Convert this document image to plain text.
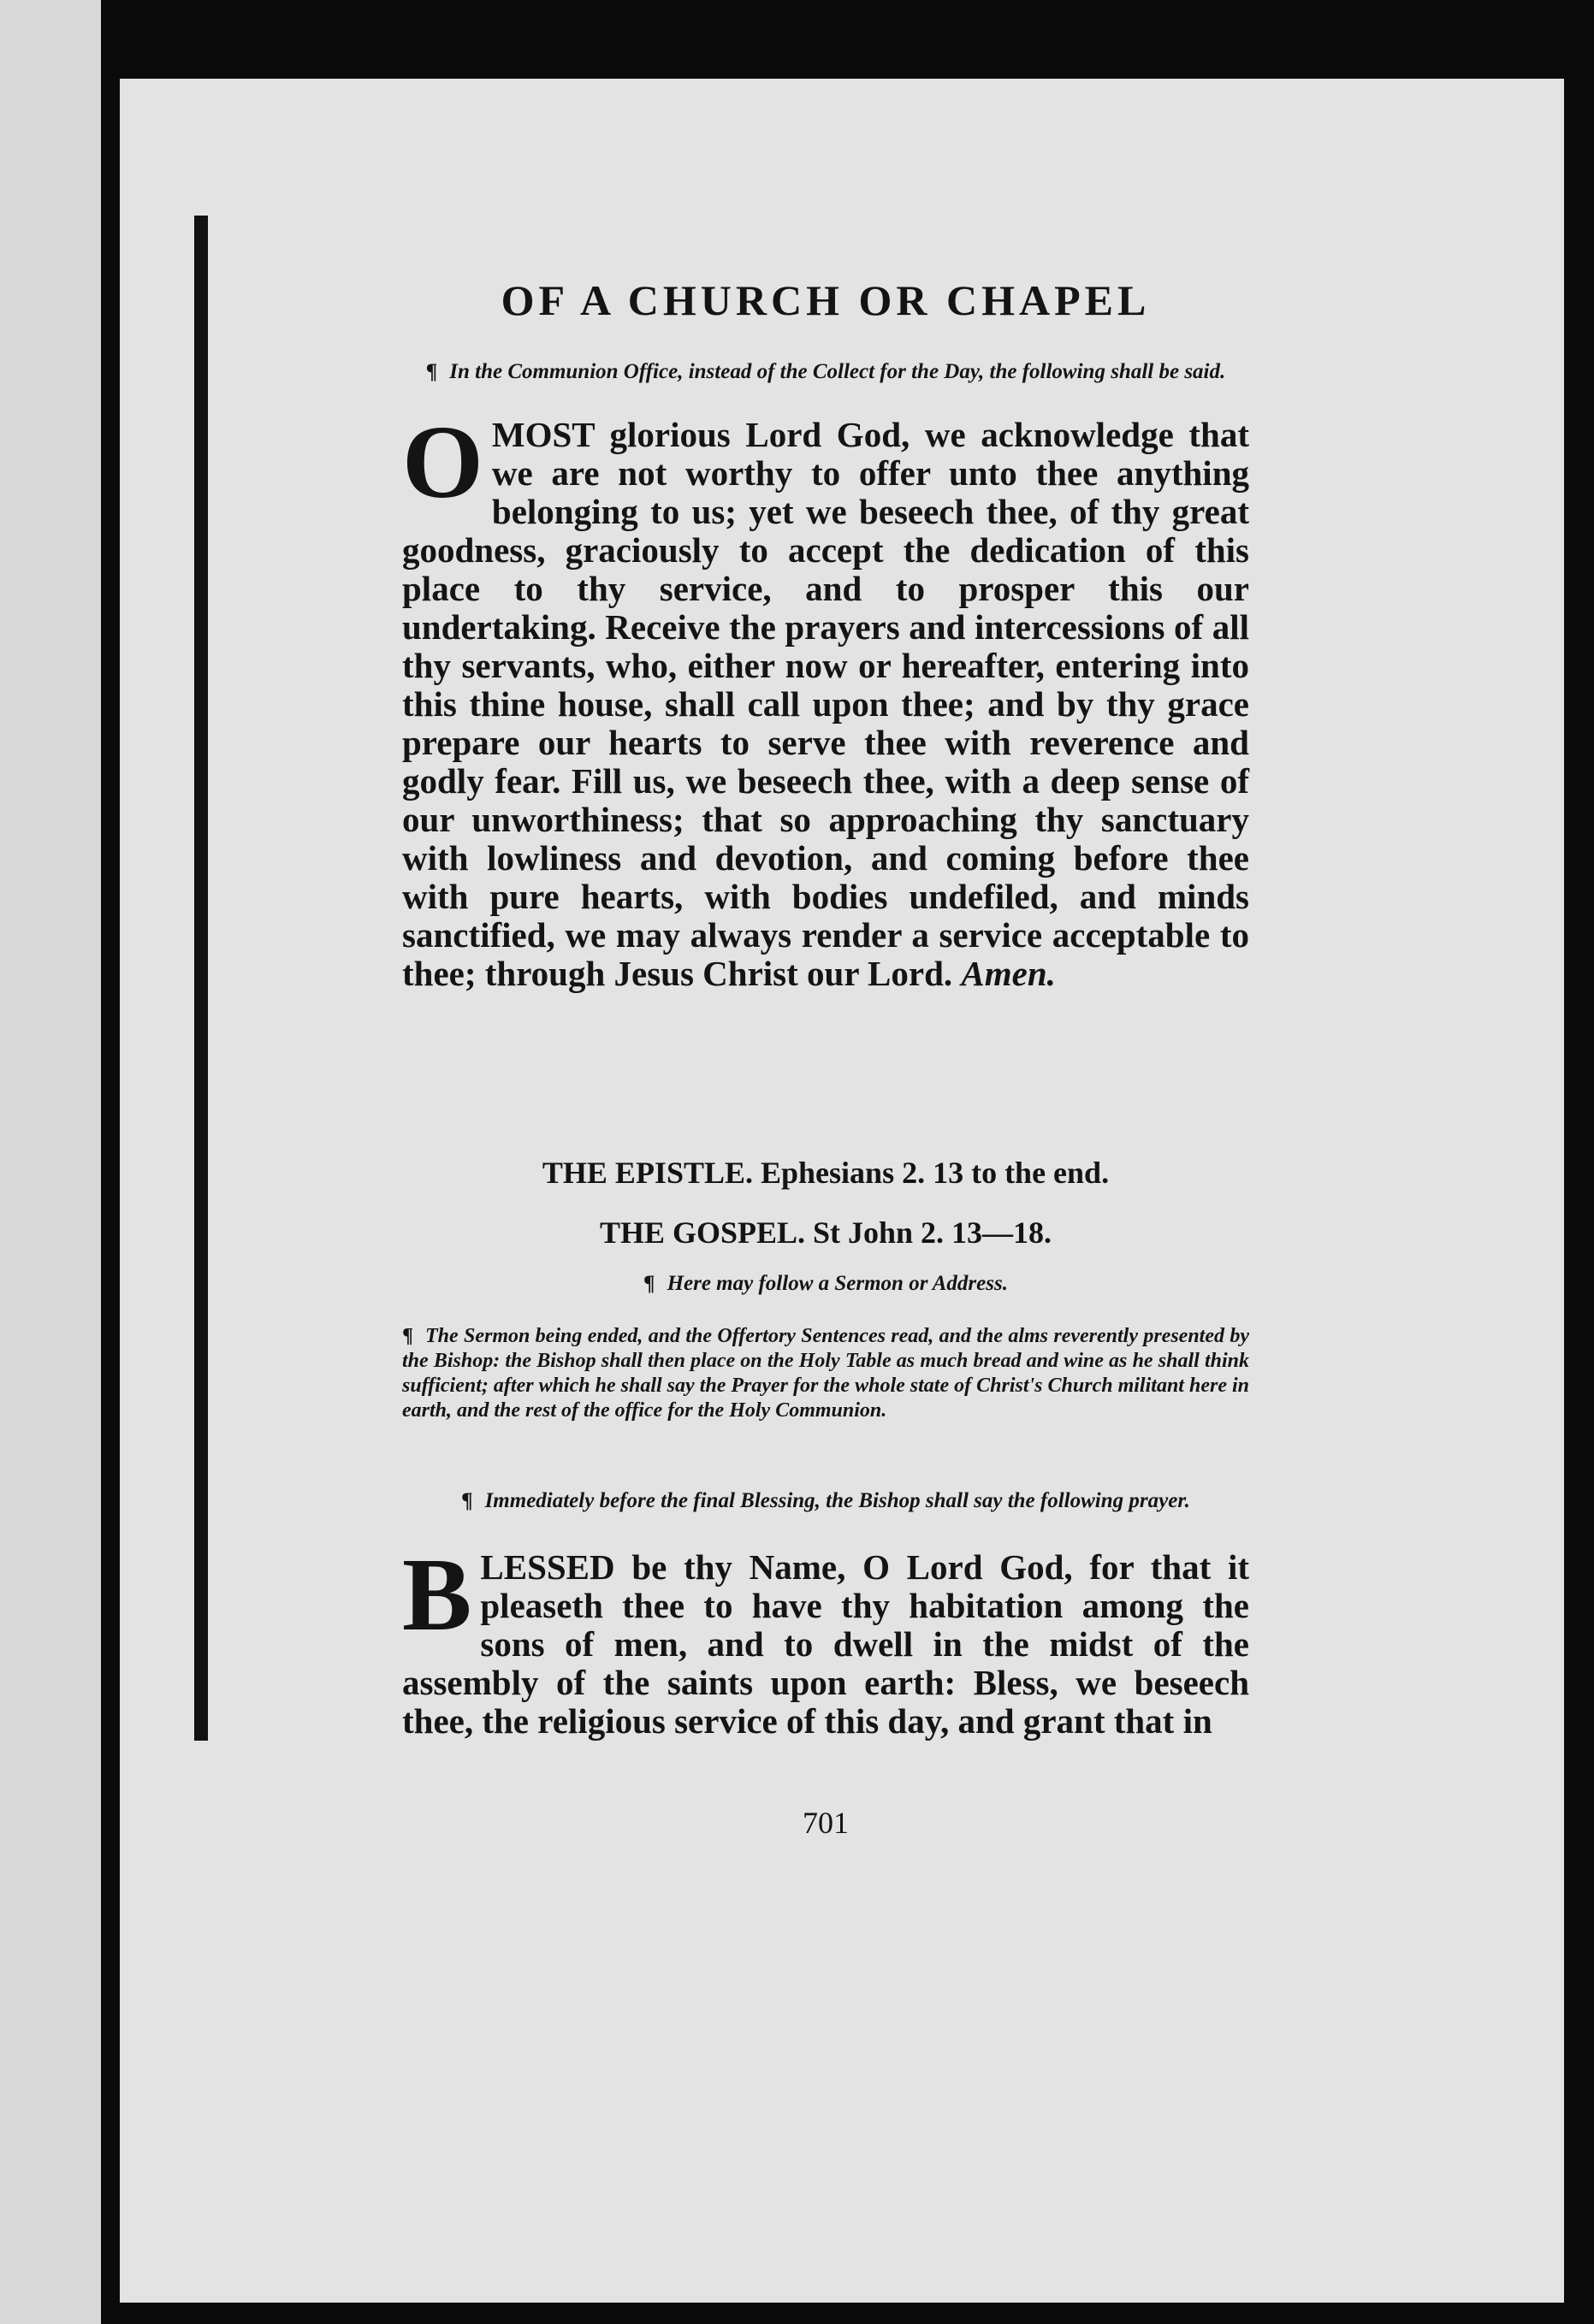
OF A CHURCH OR CHAPEL
¶ In the Communion Office, instead of the Collect for the Day, the following shall be said.
OMOST glorious Lord God, we acknowledge that we are not worthy to offer unto thee anything belonging to us; yet we beseech thee, of thy great goodness, graciously to accept the dedication of this place to thy service, and to prosper this our undertaking. Receive the prayers and intercessions of all thy servants, who, either now or hereafter, entering into this thine house, shall call upon thee; and by thy grace prepare our hearts to serve thee with reverence and godly fear. Fill us, we beseech thee, with a deep sense of our unworthiness; that so approaching thy sanctuary with lowliness and devotion, and coming before thee with pure hearts, with bodies undefiled, and minds sanctified, we may always render a service acceptable to thee; through Jesus Christ our Lord. Amen.
THE EPISTLE. Ephesians 2. 13 to the end.
THE GOSPEL. St John 2. 13—18.
¶ Here may follow a Sermon or Address.
¶ The Sermon being ended, and the Offertory Sentences read, and the alms reverently presented by the Bishop: the Bishop shall then place on the Holy Table as much bread and wine as he shall think sufficient; after which he shall say the Prayer for the whole state of Christ's Church militant here in earth, and the rest of the office for the Holy Communion.
¶ Immediately before the final Blessing, the Bishop shall say the following prayer.
BLESSED be thy Name, O Lord God, for that it pleaseth thee to have thy habitation among the sons of men, and to dwell in the midst of the assembly of the saints upon earth: Bless, we beseech thee, the religious service of this day, and grant that in
701
